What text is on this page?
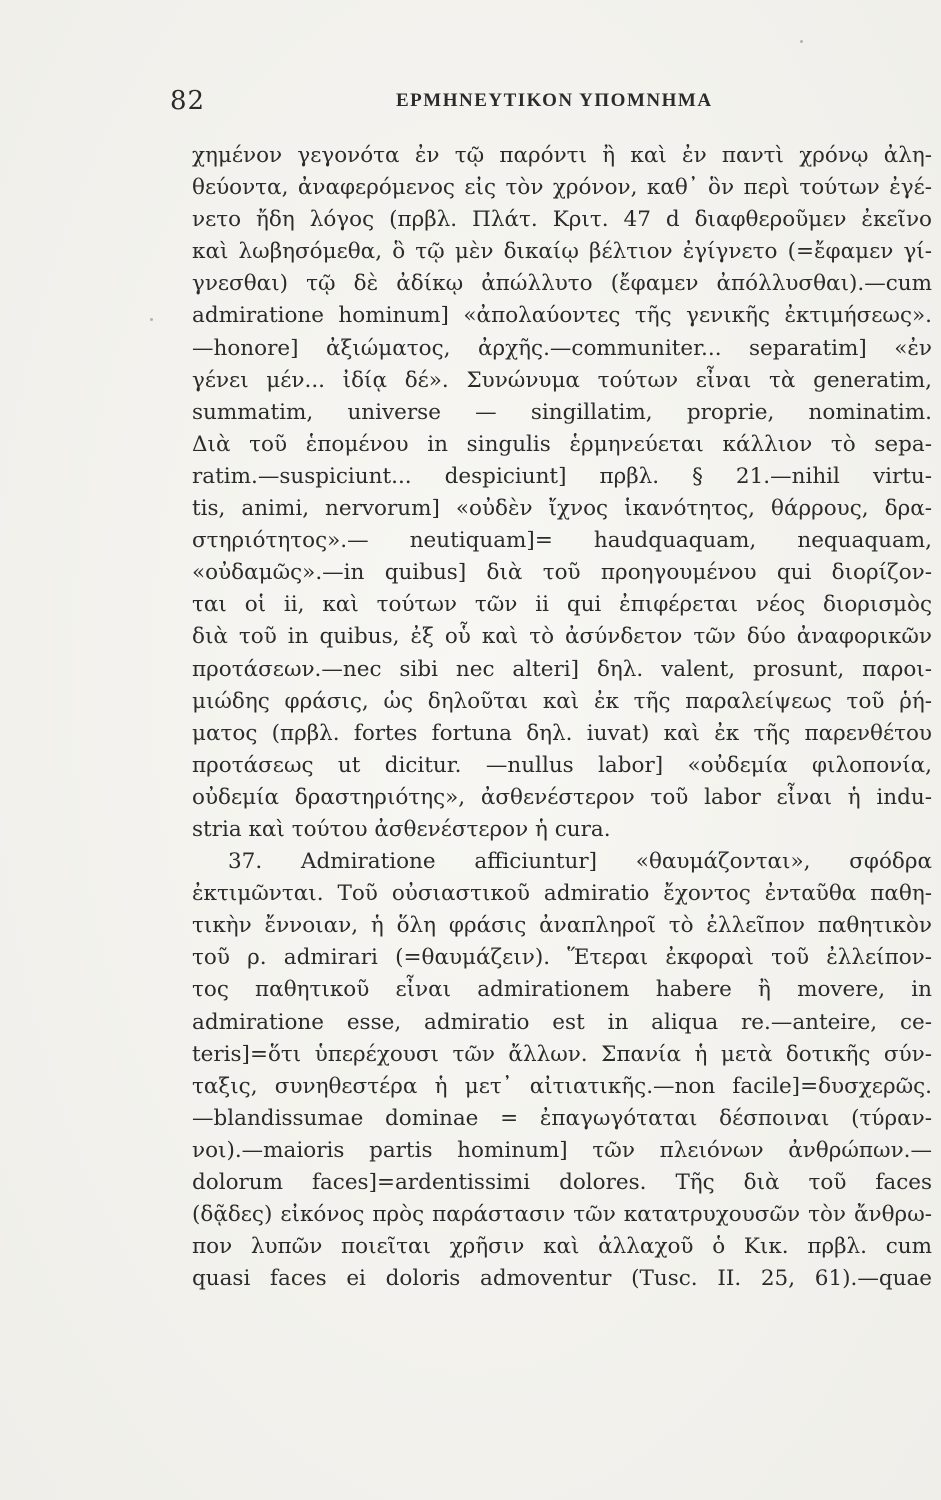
82	ΕΡΜΗΝΕΥΤΙΚΟΝ ΥΠΟΜΝΗΜΑ
χημένον γεγονότα ἐν τῷ παρόντι ἢ καὶ ἐν παντὶ χρόνῳ ἀλη-
θεύοντα, ἀναφερόμενος εἰς τὸν χρόνον, καθ᾽ ὃν περὶ τούτων ἐγέ-
νετο ἤδη λόγος (πρβλ. Πλάτ. Κριτ. 47 d διαφθεροῦμεν ἐκεῖνο
καὶ λωβησόμεθα, ὃ τῷ μὲν δικαίῳ βέλτιον ἐγίγνετο (=ἔφαμεν γί-
γνεσθαι) τῷ δὲ ἀδίκῳ ἀπώλλυτο (ἔφαμεν ἀπόλλυσθαι).—cum
admiratione hominum] «ἀπολαύοντες τῆς γενικῆς ἐκτιμήσεως».
—honore] ἀξιώματος, ἀρχῆς.—communiter... separatim] «ἐν
γένει μέν... ἰδίᾳ δέ». Συνώνυμα τούτων εἶναι τὰ generatim,
summatim, universe — singillatim, proprie, nominatim.
Διὰ τοῦ ἑπομένου in singulis ἑρμηνεύεται κάλλιον τὸ sepa-
ratim.—suspiciunt... despiciunt] πρβλ. § 21.—nihil virtu-
tis, animi, nervorum] «οὐδὲν ἴχνος ἱκανότητος, θάρρους, δρα-
στηριότητος».— neutiquam]= haudquaquam, nequaquam,
«οὐδαμῶς».—in quibus] διὰ τοῦ προηγουμένου qui διορίζον-
ται οἱ ii, καὶ τούτων τῶν ii qui ἐπιφέρεται νέος διορισμὸς
διὰ τοῦ in quibus, ἐξ οὗ καὶ τὸ ἀσύνδετον τῶν δύο ἀναφορικῶν
προτάσεων.—nec sibi nec alteri] δηλ. valent, prosunt, παροι-
μιώδης φράσις, ὡς δηλοῦται καὶ ἐκ τῆς παραλείψεως τοῦ ῥή-
ματος (πρβλ. fortes fortuna δηλ. iuvat) καὶ ἐκ τῆς παρενθέτου
προτάσεως ut dicitur. —nullus labor] «οὐδεμία φιλοπονία,
οὐδεμία δραστηριότης», ἀσθενέστερον τοῦ labor εἶναι ἡ indu-
stria καὶ τούτου ἀσθενέστερον ἡ cura.
37. Admiratione afficiuntur] «θαυμάζονται», σφόδρα
ἐκτιμῶνται. Τοῦ οὐσιαστικοῦ admiratio ἔχοντος ἐνταῦθα παθη-
τικὴν ἔννοιαν, ἡ ὅλη φράσις ἀναπληροῖ τὸ ἐλλεῖπον παθητικὸν
τοῦ ρ. admirari (=θαυμάζειν). Ἕτεραι ἐκφοραὶ τοῦ ἐλλείπον-
τος παθητικοῦ εἶναι admirationem habere ἢ movere, in
admiratione esse, admiratio est in aliqua re.—anteire, ce-
teris]=ὅτι ὑπερέχουσι τῶν ἄλλων. Σπανία ἡ μετὰ δοτικῆς σύν-
ταξις, συνηθεστέρα ἡ μετ᾽ αἰτιατικῆς.—non facile]=δυσχερῶς.
—blandissumae dominae = ἐπαγωγόταται δέσποιναι (τύραν-
νοι).—maioris partis hominum] τῶν πλειόνων ἀνθρώπων.—
dolorum faces]=ardentissimi dolores. Τῆς διὰ τοῦ faces
(δᾷδες) εἰκόνος πρὸς παράστασιν τῶν κατατρυχουσῶν τὸν ἄνθρω-
πον λυπῶν ποιεῖται χρῆσιν καὶ ἀλλαχοῦ ὁ Κικ. πρβλ. cum
quasi faces ei doloris admoventur (Tusc. II. 25, 61).—quae
